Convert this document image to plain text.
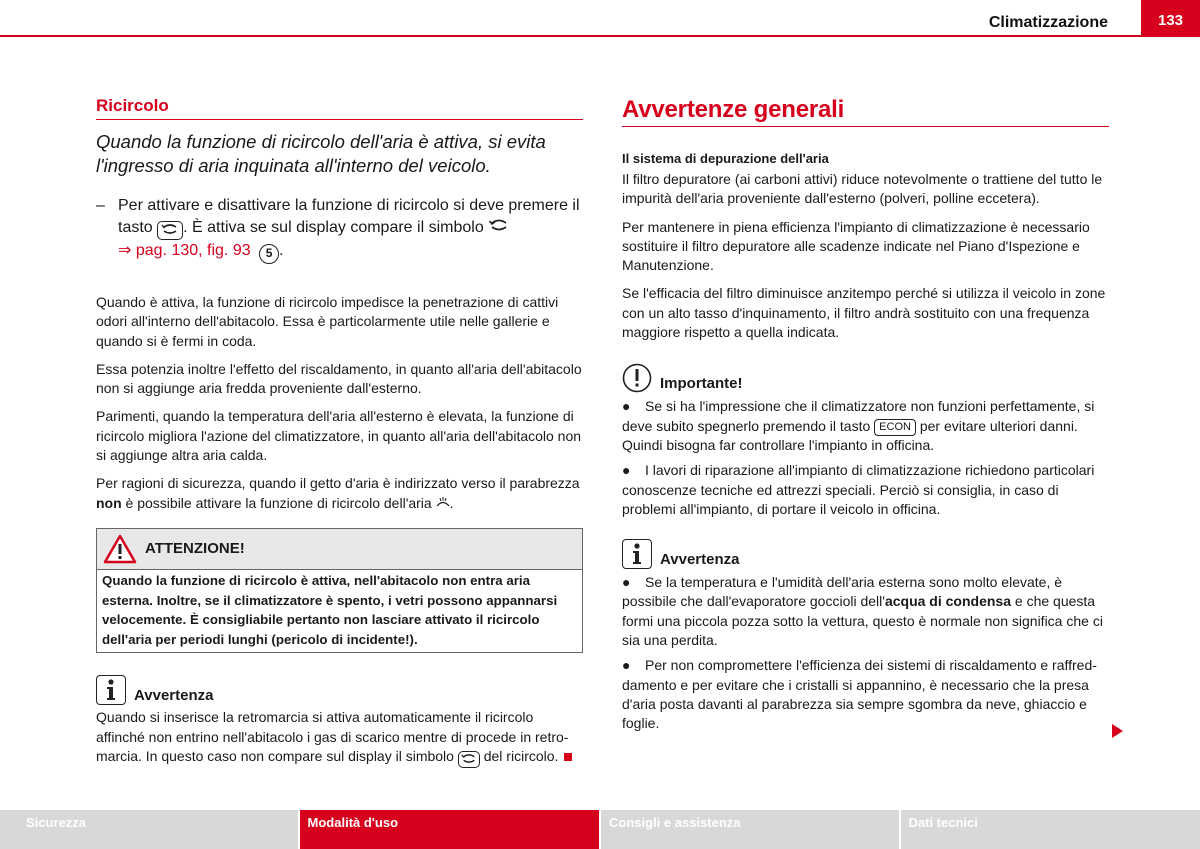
Climatizzazione	133
Ricircolo
Quando la funzione di ricircolo dell'aria è attiva, si evita l'ingresso di aria inquinata all'interno del veicolo.
– Per attivare e disattivare la funzione di ricircolo si deve premere il tasto . È attiva se sul display compare il simbolo
⇒ pag. 130, fig. 93 5 .

Quando è attiva, la funzione di ricircolo impedisce la penetrazione di cattivi odori all'interno dell'abitacolo. Essa è particolarmente utile nelle gallerie e quando si è fermi in coda.

Essa potenzia inoltre l'effetto del riscaldamento, in quanto all'aria dell'abitacolo non si aggiunge aria fredda proveniente dall'esterno.

Parimenti, quando la temperatura dell'aria all'esterno è elevata, la funzione di ricircolo migliora l'azione del climatizzatore, in quanto all'aria dell'abitacolo non si aggiunge altra aria calda.

Per ragioni di sicurezza, quando il getto d'aria è indirizzato verso il parabrezza non è possibile attivare la funzione di ricircolo dell'aria .

ATTENZIONE!
Quando la funzione di ricircolo è attiva, nell'abitacolo non entra aria esterna. Inoltre, se il climatizzatore è spento, i vetri possono appannarsi velocemente. È consigliabile pertanto non lasciare attivato il ricircolo dell'aria per periodi lunghi (pericolo di incidente!).
Avvertenza
Quando si inserisce la retromarcia si attiva automaticamente il ricircolo affinché non entrino nell'abitacolo i gas di scarico mentre di procede in retromarcia. In questo caso non compare sul display il simbolo del ricircolo.
Avvertenze generali
Il sistema di depurazione dell'aria

Il filtro depuratore (ai carboni attivi) riduce notevolmente o trattiene del tutto le impurità dell'aria proveniente dall'esterno (polveri, polline eccetera).

Per mantenere in piena efficienza l'impianto di climatizzazione è necessario sostituire il filtro depuratore alle scadenze indicate nel Piano d'Ispezione e Manutenzione.

Se l'efficacia del filtro diminuisce anzitempo perché si utilizza il veicolo in zone con un alto tasso d'inquinamento, il filtro andrà sostituito con una frequenza maggiore rispetto a quella indicata.

Importante!
● Se si ha l'impressione che il climatizzatore non funzioni perfettamente, si deve subito spegnerlo premendo il tasto ECON per evitare ulteriori danni. Quindi bisogna far controllare l'impianto in officina.
● I lavori di riparazione all'impianto di climatizzazione richiedono particolari conoscenze tecniche ed attrezzi speciali. Perciò si consiglia, in caso di problemi all'impianto, di portare il veicolo in officina.
Avvertenza
● Se la temperatura e l'umidità dell'aria esterna sono molto elevate, è possibile che dall'evaporatore goccioli dell'acqua di condensa e che questa formi una piccola pozza sotto la vettura, questo è normale non significa che ci sia una perdita.
● Per non compromettere l'efficienza dei sistemi di riscaldamento e raffreddamento e per evitare che i cristalli si appannino, è necessario che la presa d'aria posta davanti al parabrezza sia sempre sgombra da neve, ghiaccio e foglie.
Sicurezza	Modalità d'uso	Consigli e assistenza	Dati tecnici
